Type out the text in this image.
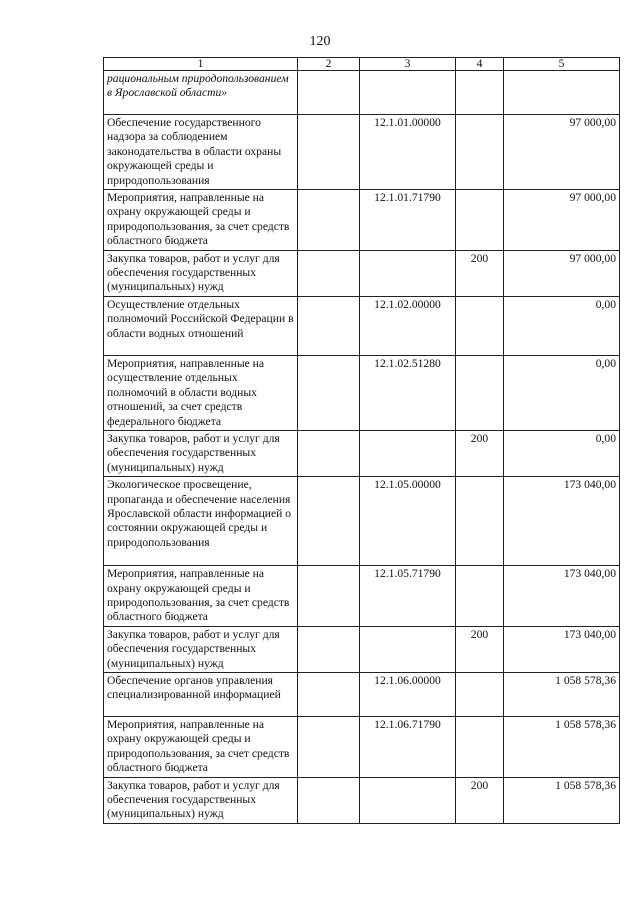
120
1	2	3	4	5
рациональным природопользованием в Ярославской области»				
Обеспечение государственного надзора за соблюдением законодательства в области охраны окружающей среды и природопользования		12.1.01.00000		97 000,00
Мероприятия, направленные на охрану окружающей среды и природопользования, за счет средств областного бюджета		12.1.01.71790		97 000,00
Закупка товаров, работ и услуг для обеспечения государственных (муниципальных) нужд			200	97 000,00
Осуществление отдельных полномочий Российской Федерации в области водных отношений		12.1.02.00000		0,00
Мероприятия, направленные на осуществление отдельных полномочий в области водных отношений, за счет средств федерального бюджета		12.1.02.51280		0,00
Закупка товаров, работ и услуг для обеспечения государственных (муниципальных) нужд			200	0,00
Экологическое просвещение, пропаганда и обеспечение населения Ярославской области информацией о состоянии окружающей среды и природопользования		12.1.05.00000		173 040,00
Мероприятия, направленные на охрану окружающей среды и природопользования, за счет средств областного бюджета		12.1.05.71790		173 040,00
Закупка товаров, работ и услуг для обеспечения государственных (муниципальных) нужд			200	173 040,00
Обеспечение органов управления специализированной информацией		12.1.06.00000		1 058 578,36
Мероприятия, направленные на охрану окружающей среды и природопользования, за счет средств областного бюджета		12.1.06.71790		1 058 578,36
Закупка товаров, работ и услуг для обеспечения государственных (муниципальных) нужд			200	1 058 578,36
